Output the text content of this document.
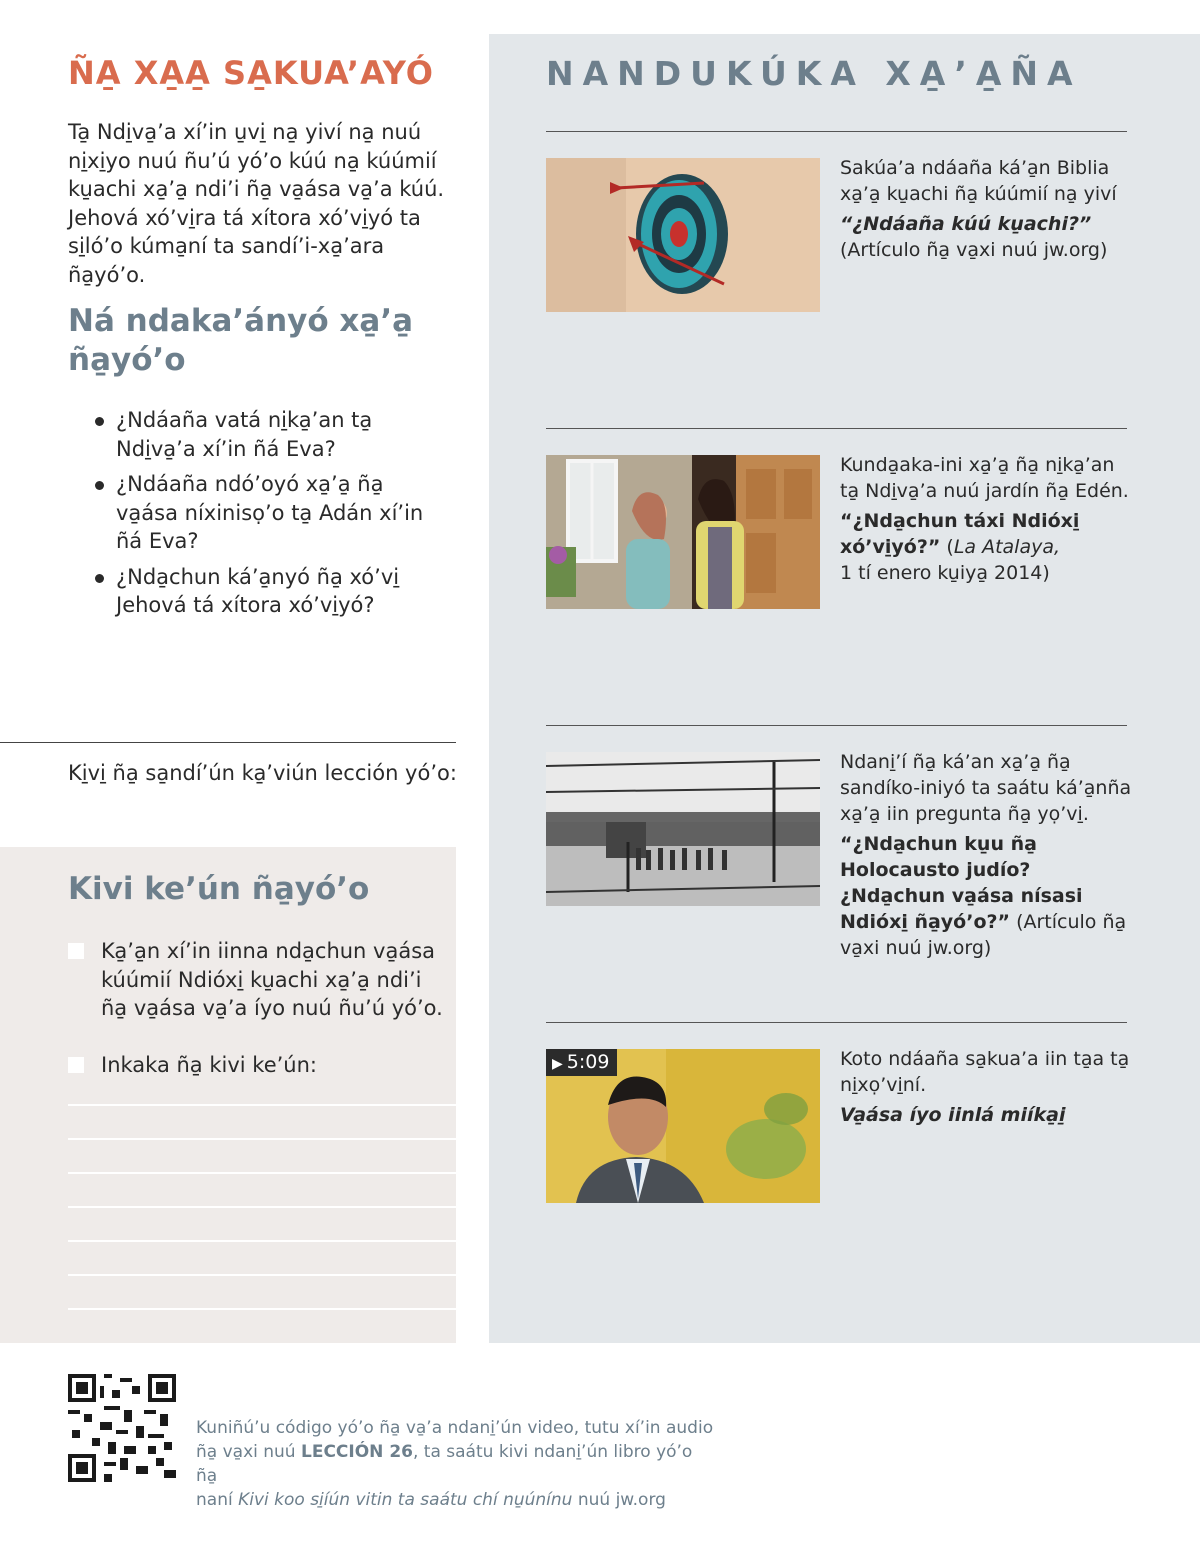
ÑA̱ XA̱A̱ SA̱KUA’AYÓ
Ta̱ Ndi̱va̱’a xí’in u̱vi̱ na̱ yiví na̱ nuú ni̱xi̱yo nuú ñu’ú yó’o kúú na̱ kúúmií ku̱achi xa̱’a̱ ndi’i ña̱ va̱ása va̱’a kúú. Jehová xó’vi̱ra tá xítora xó’vi̱yó ta si̱ló’o kúma̱ní ta sandí’i-xa̱’ara ña̱yó’o.
Ná ndaka’ányó xa̱’a̱ ña̱yó’o
¿Ndáaña vatá ni̱ka̱’an ta̱ Ndi̱va̱’a xí’in ñá Eva?
¿Ndáaña ndó’oyó xa̱’a̱ ña̱ va̱ása níxinisọ’o ta̱ Adán xí’in ñá Eva?
¿Nda̱chun ká’a̱nyó ña̱ xó’vi̱ Jehová tá xítora xó’vi̱yó?
Ki̱vi̱ ña̱ sa̱ndí’ún ka̱’viún lección yó’o:
Kivi ke’ún ña̱yó’o
Ka̱’a̱n xí’in iinna nda̱chun va̱ása kúúmií Ndióxi̱ ku̱achi xa̱’a̱ ndi’i ña̱ va̱ása va̱’a íyo nuú ñu’ú yó’o.
Inkaka ña̱ kivi ke’ún:
NANDUKÚKA XA̱’A̱ÑA
Sakúa’a ndáaña ká’a̱n Biblia xa̱’a̱ ku̱achi ña̱ kúúmií na̱ yiví
“¿Ndáaña kúú ku̱achi?”
(Artículo ña̱ va̱xi nuú jw.org)
Kunda̱aka-ini xa̱’a̱ ña̱ ni̱ka̱’an ta̱ Ndi̱va̱’a nuú jardín ña̱ Edén.
“¿Nda̱chun táxi Ndióxi̱ xó’vi̱yó?” (La Atalaya,
1 tí enero ku̱iya̱ 2014)
Ndani̱’í ña̱ ká’an xa̱’a̱ ña̱ sandíko-iniyó ta saátu ká’a̱nña xa̱’a̱ iin pregunta ña̱ yọ’vi̱.
“¿Nda̱chun ku̱u ña̱ Holocausto judío? ¿Nda̱chun va̱ása nísasi Ndióxi̱ ña̱yó’o?” (Artículo ña̱ va̱xi nuú jw.org)
▶ 5:09	Koto ndáaña sa̱kua’a iin ta̱a ta̱ ni̱xọ’vi̱ní.
Va̱ása íyo iinlá miíka̱i̱
Kuniñú’u código yó’o ña̱ va̱’a ndani̱’ún video, tutu xí’in audio
ña̱ va̱xi nuú LECCIÓN 26, ta saátu kivi ndani̱’ún libro yó’o ña̱
naní Kivi koo si̱íún vitin ta saátu chí nu̱únínu nuú jw.org
